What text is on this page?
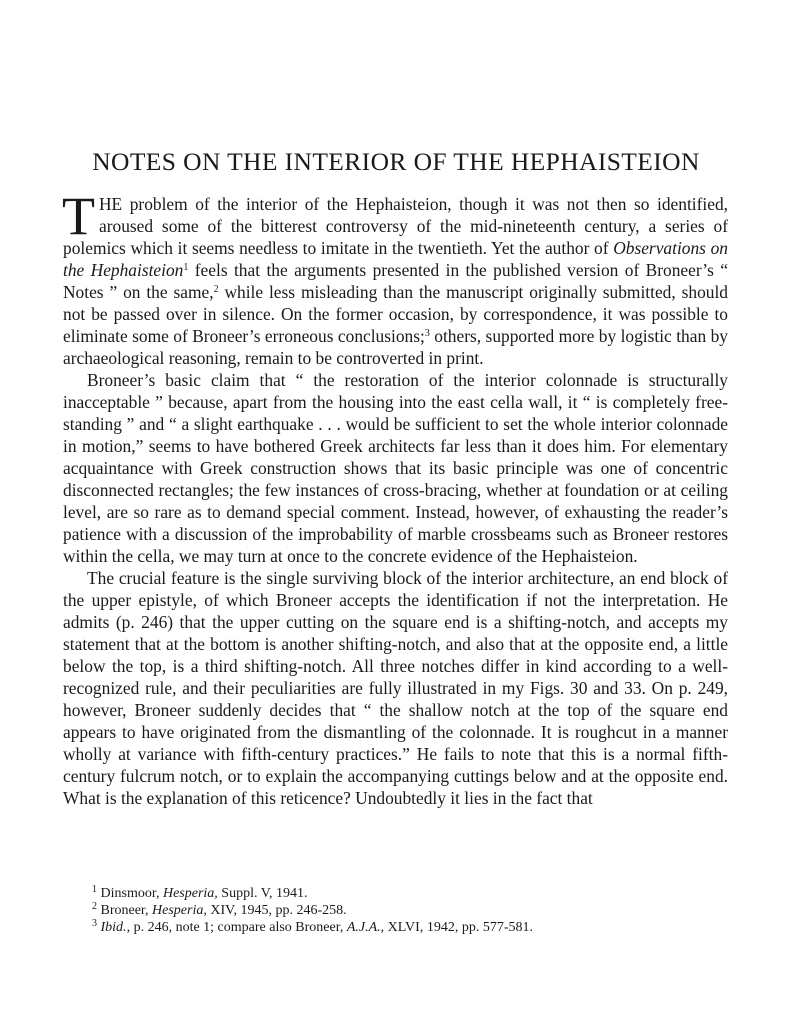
NOTES ON THE INTERIOR OF THE HEPHAISTEION

THE problem of the interior of the Hephaisteion, though it was not then so identified, aroused some of the bitterest controversy of the mid-nineteenth century, a series of polemics which it seems needless to imitate in the twentieth. Yet the author of Observations on the Hephaisteion$^1$ feels that the arguments presented in the published version of Broneer’s “ Notes ” on the same,$^2$ while less misleading than the manuscript originally submitted, should not be passed over in silence. On the former occasion, by correspondence, it was possible to eliminate some of Broneer’s erroneous conclusions;$^3$ others, supported more by logistic than by archaeological reasoning, remain to be controverted in print.

Broneer’s basic claim that “ the restoration of the interior colonnade is structurally inacceptable ” because, apart from the housing into the east cella wall, it “ is completely free-standing ” and “ a slight earthquake . . . would be sufficient to set the whole interior colonnade in motion,” seems to have bothered Greek architects far less than it does him. For elementary acquaintance with Greek construction shows that its basic principle was one of concentric disconnected rectangles; the few instances of cross-bracing, whether at foundation or at ceiling level, are so rare as to demand special comment. Instead, however, of exhausting the reader’s patience with a discussion of the improbability of marble crossbeams such as Broneer restores within the cella, we may turn at once to the concrete evidence of the Hephaisteion.

The crucial feature is the single surviving block of the interior architecture, an end block of the upper epistyle, of which Broneer accepts the identification if not the interpretation. He admits (p. 246) that the upper cutting on the square end is a shifting-notch, and accepts my statement that at the bottom is another shifting-notch, and also that at the opposite end, a little below the top, is a third shifting-notch. All three notches differ in kind according to a well-recognized rule, and their peculiarities are fully illustrated in my Figs. 30 and 33. On p. 249, however, Broneer suddenly decides that “ the shallow notch at the top of the square end appears to have originated from the dismantling of the colonnade. It is roughcut in a manner wholly at variance with fifth-century practices.” He fails to note that this is a normal fifth-century fulcrum notch, or to explain the accompanying cuttings below and at the opposite end. What is the explanation of this reticence? Undoubtedly it lies in the fact that

$^1$ Dinsmoor, Hesperia, Suppl. V, 1941.

$^2$ Broneer, Hesperia, XIV, 1945, pp. 246-258.

$^3$ Ibid., p. 246, note 1; compare also Broneer, A.J.A., XLVI, 1942, pp. 577-581.
